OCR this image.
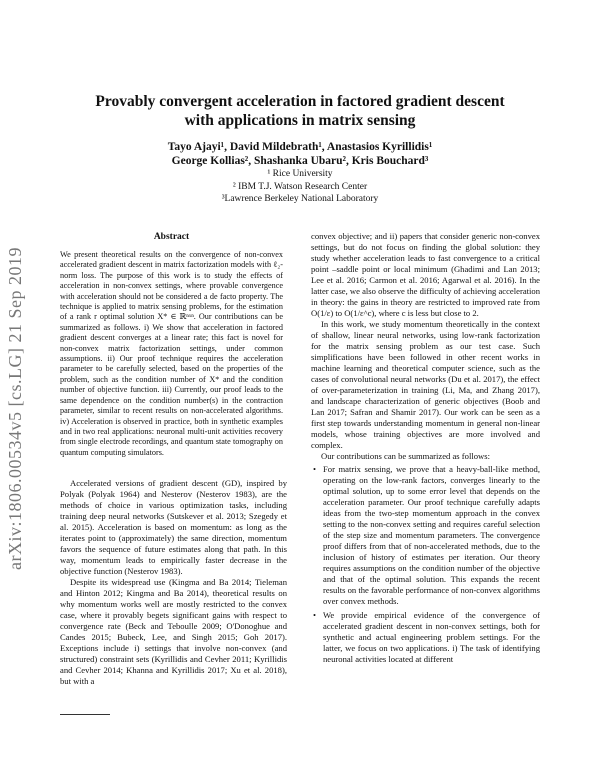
arXiv:1806.00534v5 [cs.LG] 21 Sep 2019
Provably convergent acceleration in factored gradient descent
with applications in matrix sensing
Tayo Ajayi¹, David Mildebrath¹, Anastasios Kyrillidis¹
George Kollias², Shashanka Ubaru², Kris Bouchard³
¹ Rice University
² IBM T.J. Watson Research Center
³Lawrence Berkeley National Laboratory
Abstract
We present theoretical results on the convergence of non-convex accelerated gradient descent in matrix factorization models with ℓ₂-norm loss. The purpose of this work is to study the effects of acceleration in non-convex settings, where provable convergence with acceleration should not be considered a de facto property. The technique is applied to matrix sensing problems, for the estimation of a rank r optimal solution X* ∈ ℝⁿˣⁿ. Our contributions can be summarized as follows. i) We show that acceleration in factored gradient descent converges at a linear rate; this fact is novel for non-convex matrix factorization settings, under common assumptions. ii) Our proof technique requires the acceleration parameter to be carefully selected, based on the properties of the problem, such as the condition number of X* and the condition number of objective function. iii) Currently, our proof leads to the same dependence on the condition number(s) in the contraction parameter, similar to recent results on non-accelerated algorithms. iv) Acceleration is observed in practice, both in synthetic examples and in two real applications: neuronal multi-unit activities recovery from single electrode recordings, and quantum state tomography on quantum computing simulators.

Accelerated versions of gradient descent (GD), inspired by Polyak (Polyak 1964) and Nesterov (Nesterov 1983), are the methods of choice in various optimization tasks, including training deep neural networks (Sutskever et al. 2013; Szegedy et al. 2015). Acceleration is based on momentum: as long as the iterates point to (approximately) the same direction, momentum favors the sequence of future estimates along that path. In this way, momentum leads to empirically faster decrease in the objective function (Nesterov 1983).

Despite its widespread use (Kingma and Ba 2014; Tieleman and Hinton 2012; Kingma and Ba 2014), theoretical results on why momentum works well are mostly restricted to the convex case, where it provably begets significant gains with respect to convergence rate (Beck and Teboulle 2009; O'Donoghue and Candes 2015; Bubeck, Lee, and Singh 2015; Goh 2017). Exceptions include i) settings that involve non-convex (and structured) constraint sets (Kyrillidis and Cevher 2011; Kyrillidis and Cevher 2014; Khanna and Kyrillidis 2017; Xu et al. 2018), but with a

convex objective; and ii) papers that consider generic non-convex settings, but do not focus on finding the global solution: they study whether acceleration leads to fast convergence to a critical point –saddle point or local minimum (Ghadimi and Lan 2013; Lee et al. 2016; Carmon et al. 2016; Agarwal et al. 2016). In the latter case, we also observe the difficulty of achieving acceleration in theory: the gains in theory are restricted to improved rate from O(1/ε) to O(1/ε^c), where c is less but close to 2.

In this work, we study momentum theoretically in the context of shallow, linear neural networks, using low-rank factorization for the matrix sensing problem as our test case. Such simplifications have been followed in other recent works in machine learning and theoretical computer science, such as the cases of convolutional neural networks (Du et al. 2017), the effect of over-parameterization in training (Li, Ma, and Zhang 2017), and landscape characterization of generic objectives (Boob and Lan 2017; Safran and Shamir 2017). Our work can be seen as a first step towards understanding momentum in general non-linear models, whose training objectives are more involved and complex.

Our contributions can be summarized as follows:

• For matrix sensing, we prove that a heavy-ball-like method, operating on the low-rank factors, converges linearly to the optimal solution, up to some error level that depends on the acceleration parameter. Our proof technique carefully adapts ideas from the two-step momentum approach in the convex setting to the non-convex setting and requires careful selection of the step size and momentum parameters. The convergence proof differs from that of non-accelerated methods, due to the inclusion of history of estimates per iteration. Our theory requires assumptions on the condition number of the objective and that of the optimal solution. This expands the recent results on the favorable performance of non-convex algorithms over convex methods.
• We provide empirical evidence of the convergence of accelerated gradient descent in non-convex settings, both for synthetic and actual engineering problem settings. For the latter, we focus on two applications. i) The task of identifying neuronal activities located at different
